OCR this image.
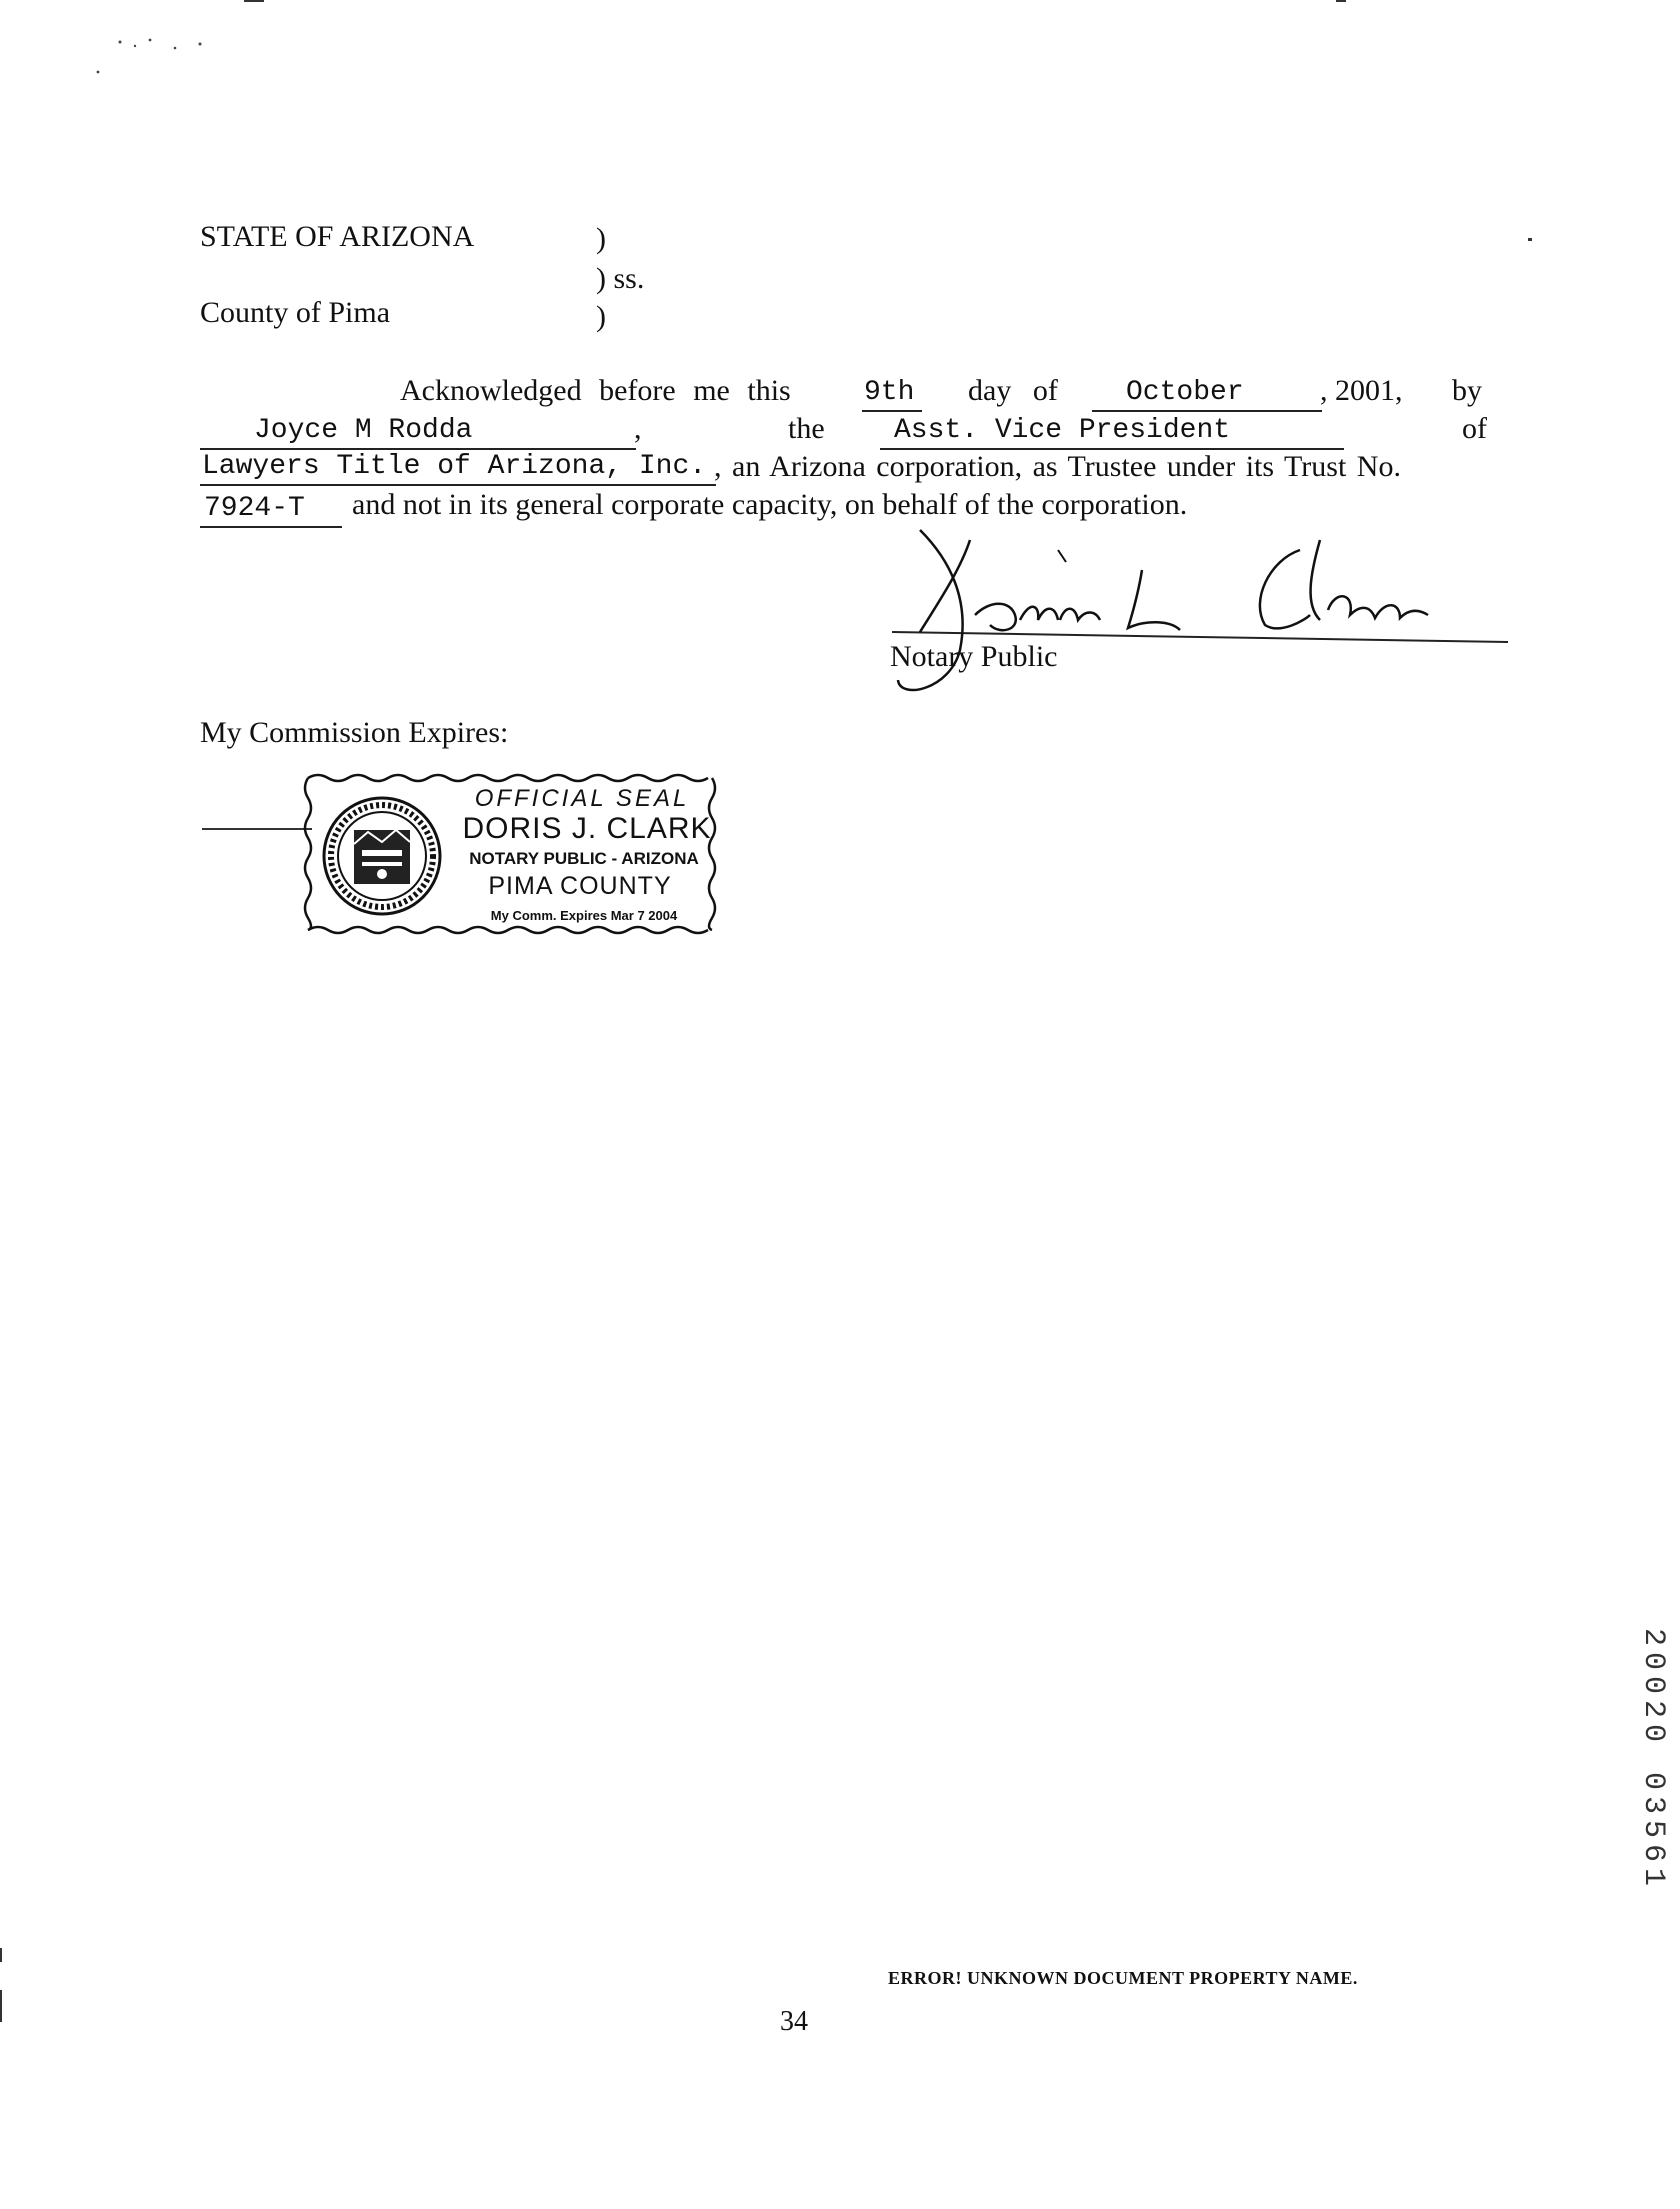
STATE OF ARIZONA	)
) ss.
County of Pima	)
Acknowledged before me this	9th day of October	, 2001, by
Joyce M Rodda	,	the Asst. Vice President	of
Lawyers Title of Arizona, Inc. , an Arizona corporation, as Trustee under its Trust No.
7924-T and not in its general corporate capacity, on behalf of the corporation.
Notary Public
My Commission Expires:
OFFICIAL SEAL
DORIS J. CLARK
NOTARY PUBLIC - ARIZONA
PIMA COUNTY
My Comm. Expires Mar 7 2004
20020 03561
ERROR! UNKNOWN DOCUMENT PROPERTY NAME.
34
